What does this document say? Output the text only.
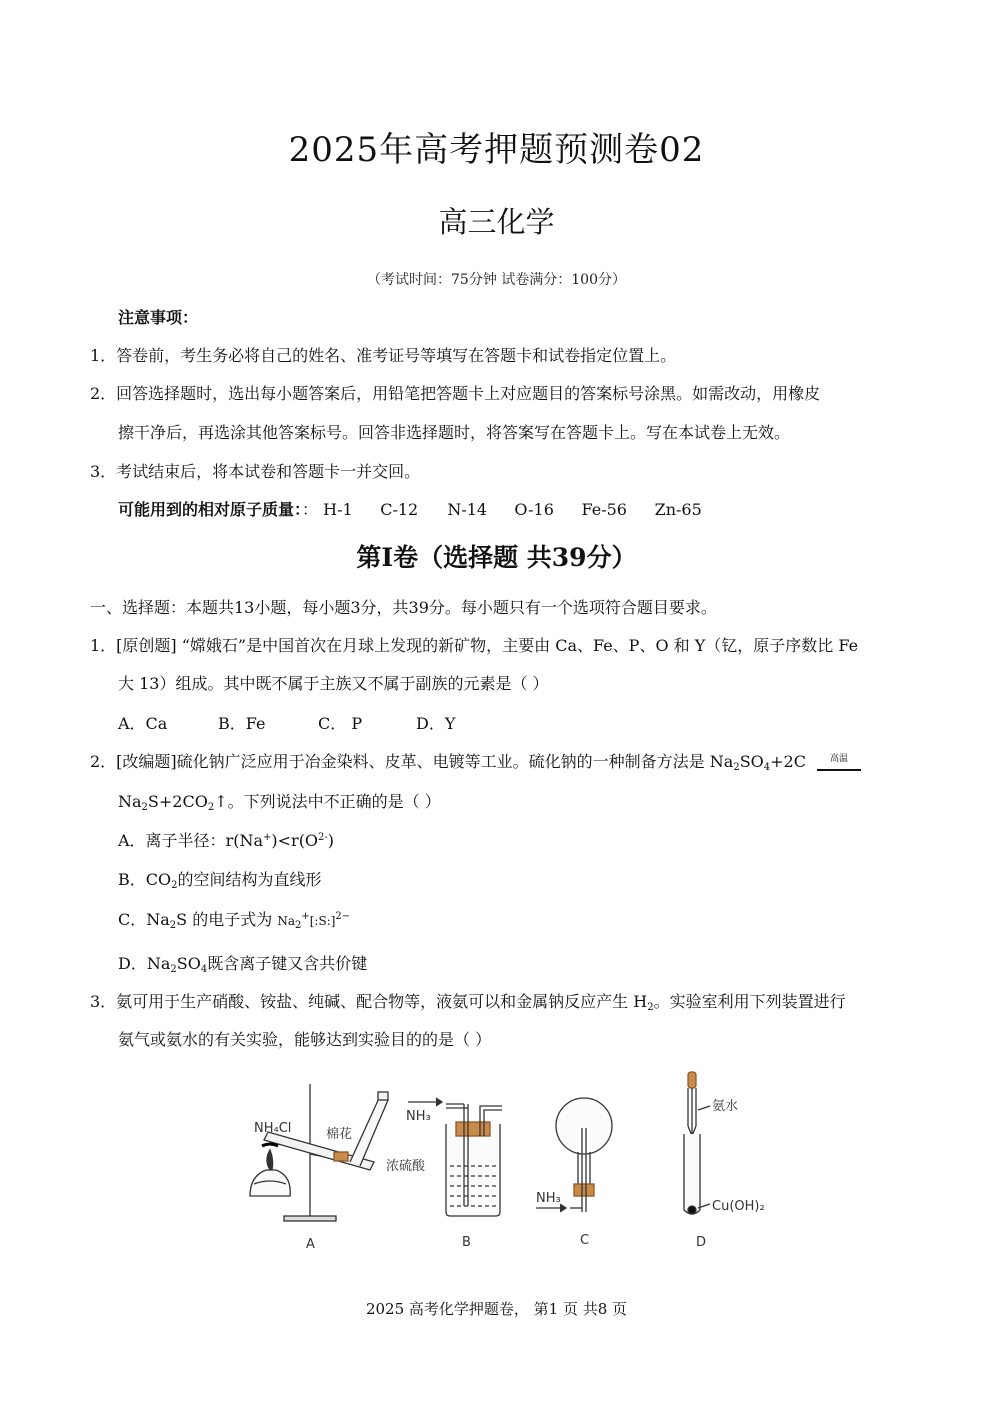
2025年高考押题预测卷02
高三化学
（考试时间：75分钟 试卷满分：100分）
注意事项：
1．答卷前，考生务必将自己的姓名、准考证号等填写在答题卡和试卷指定位置上。
2．回答选择题时，选出每小题答案后，用铅笔把答题卡上对应题目的答案标号涂黑。如需改动，用橡皮
擦干净后，再选涂其他答案标号。回答非选择题时，将答案写在答题卡上。写在本试卷上无效。
3．考试结束后，将本试卷和答题卡一并交回。
可能用到的相对原子质量：： H-1 C-12 N-14 O-16 Fe-56 Zn-65
第Ⅰ卷（选择题 共39分）
一、选择题：本题共13小题，每小题3分，共39分。每小题只有一个选项符合题目要求。
1．[原创题] “嫦娥石”是中国首次在月球上发现的新矿物，主要由 Ca、Fe、P、O 和 Y（钇，原子序数比 Fe
大 13）组成。其中既不属于主族又不属于副族的元素是（ ）
A．Ca	B．Fe	C． P	D．Y
2．[改编题]硫化钠广泛应用于冶金染料、皮革、电镀等工业。硫化钠的一种制备方法是 $Na_2SO_4+2C$	高温
$Na_2S+2CO_2↑$。下列说法中不正确的是（ ）
A．离子半径：$r(Na^+)<r(O^{2-})$
B．$CO_2$的空间结构为直线形
C．$Na_2S$ 的电子式为 $Na_2^+[:S:]^{2-}$
D．$Na_2SO_4$既含离子键又含共价键
3．氨可用于生产硝酸、铵盐、纯碱、配合物等，液氨可以和金属钠反应产生 $H_2$。实验室利用下列装置进行
氨气或氨水的有关实验，能够达到实验目的的是（ ）
NH₄Cl	棉花
NH₃
浓硫酸
NH₃
氨水
Cu(OH)₂
A	B	C	D
2025 高考化学押题卷， 第1 页 共8 页
